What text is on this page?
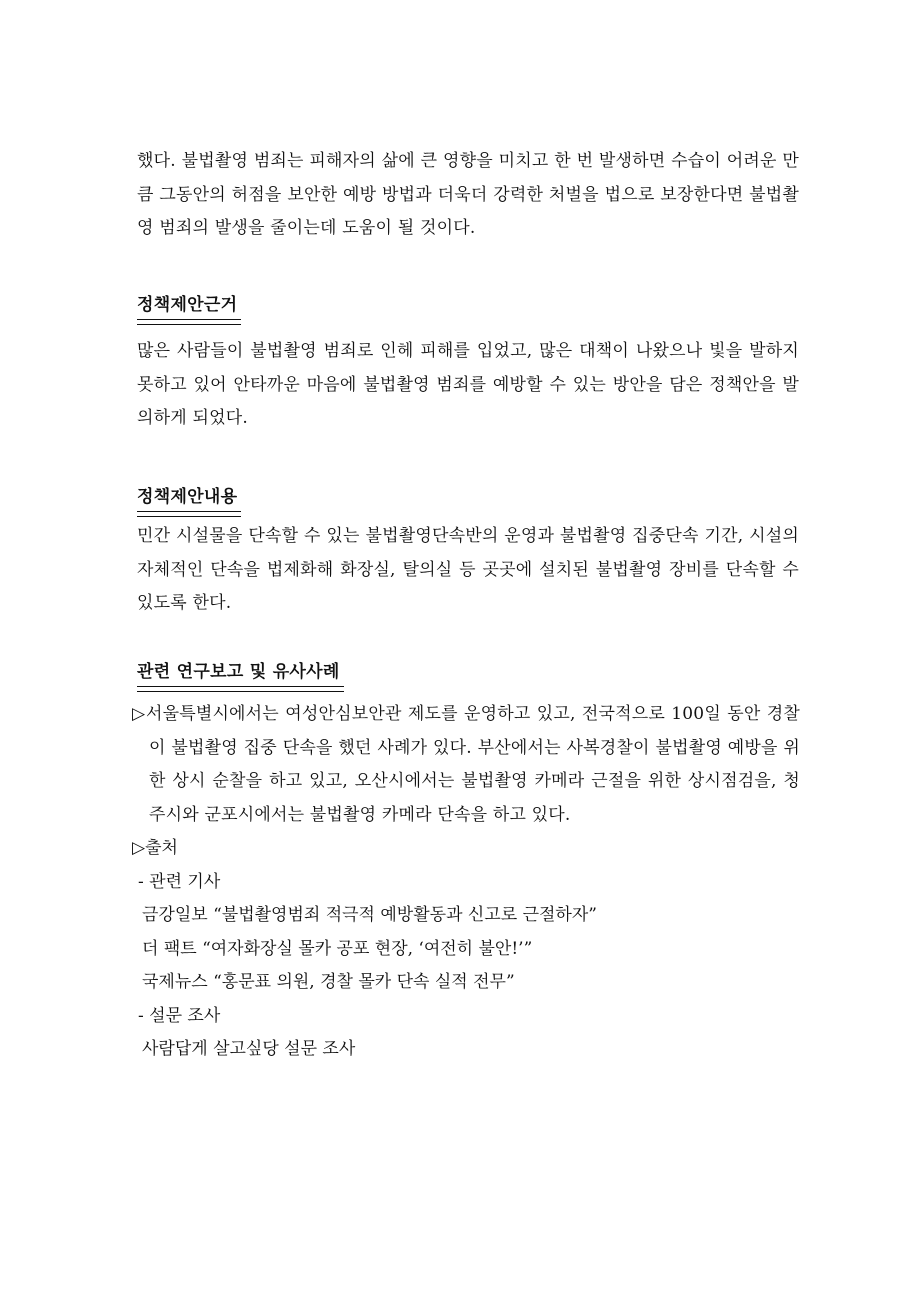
했다. 불법촬영 범죄는 피해자의 삶에 큰 영향을 미치고 한 번 발생하면 수습이 어려운 만큼 그동안의 허점을 보안한 예방 방법과 더욱더 강력한 처벌을 법으로 보장한다면 불법촬영 범죄의 발생을 줄이는데 도움이 될 것이다.

정책제안근거

많은 사람들이 불법촬영 범죄로 인헤 피해를 입었고, 많은 대책이 나왔으나 빛을 발하지 못하고 있어 안타까운 마음에 불법촬영 범죄를 예방할 수 있는 방안을 담은 정책안을 발의하게 되었다.

정책제안내용

민간 시설물을 단속할 수 있는 불법촬영단속반의 운영과 불법촬영 집중단속 기간, 시설의 자체적인 단속을 법제화해 화장실, 탈의실 등 곳곳에 설치된 불법촬영 장비를 단속할 수 있도록 한다.

관련 연구보고 및 유사사례

▷서울특별시에서는 여성안심보안관 제도를 운영하고 있고, 전국적으로 100일 동안 경찰이 불법촬영 집중 단속을 했던 사례가 있다. 부산에서는 사복경찰이 불법촬영 예방을 위한 상시 순찰을 하고 있고, 오산시에서는 불법촬영 카메라 근절을 위한 상시점검을, 청주시와 군포시에서는 불법촬영 카메라 단속을 하고 있다.

▷출처

- 관련 기사

금강일보 “불법촬영범죄 적극적 예방활동과 신고로 근절하자”

더 팩트 “여자화장실 몰카 공포 현장, ‘여전히 불안!’”

국제뉴스 “홍문표 의원, 경찰 몰카 단속 실적 전무”

- 설문 조사

사람답게 살고싶당 설문 조사
